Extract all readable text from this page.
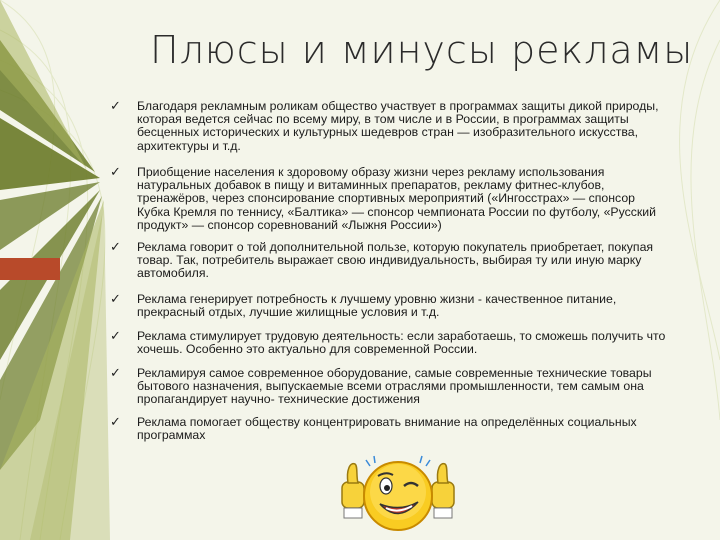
Плюсы и минусы рекламы
✓ Благодаря рекламным роликам общество участвует в программах защиты дикой природы, которая ведется сейчас по всему миру, в том числе и в России, в программах защиты бесценных исторических и культурных шедевров стран — изобразительного искусства, архитектуры и т.д.
✓ Приобщение населения к здоровому образу жизни через рекламу использования натуральных добавок в пищу и витаминных препаратов, рекламу фитнес-клубов, тренажёров, через спонсирование спортивных мероприятий («Ингосстрах» — спонсор Кубка Кремля по теннису, «Балтика» — спонсор чемпионата России по футболу, «Русский продукт» — спонсор соревнований «Лыжня России»)
✓ Реклама говорит о той дополнительной пользе, которую покупатель приобретает, покупая товар. Так, потребитель выражает свою индивидуальность, выбирая ту или иную марку автомобиля.
✓ Реклама генерирует потребность к лучшему уровню жизни - качественное питание, прекрасный отдых, лучшие жилищные условия и т.д.
✓ Реклама стимулирует трудовую деятельность: если заработаешь, то сможешь получить что хочешь. Особенно это актуально для современной России.
✓ Рекламируя самое современное оборудование, самые современные технические товары бытового назначения, выпускаемые всеми отраслями промышленности, тем самым она пропагандирует научно- технические достижения
✓ Реклама помогает обществу концентрировать внимание на определённых социальных программах
